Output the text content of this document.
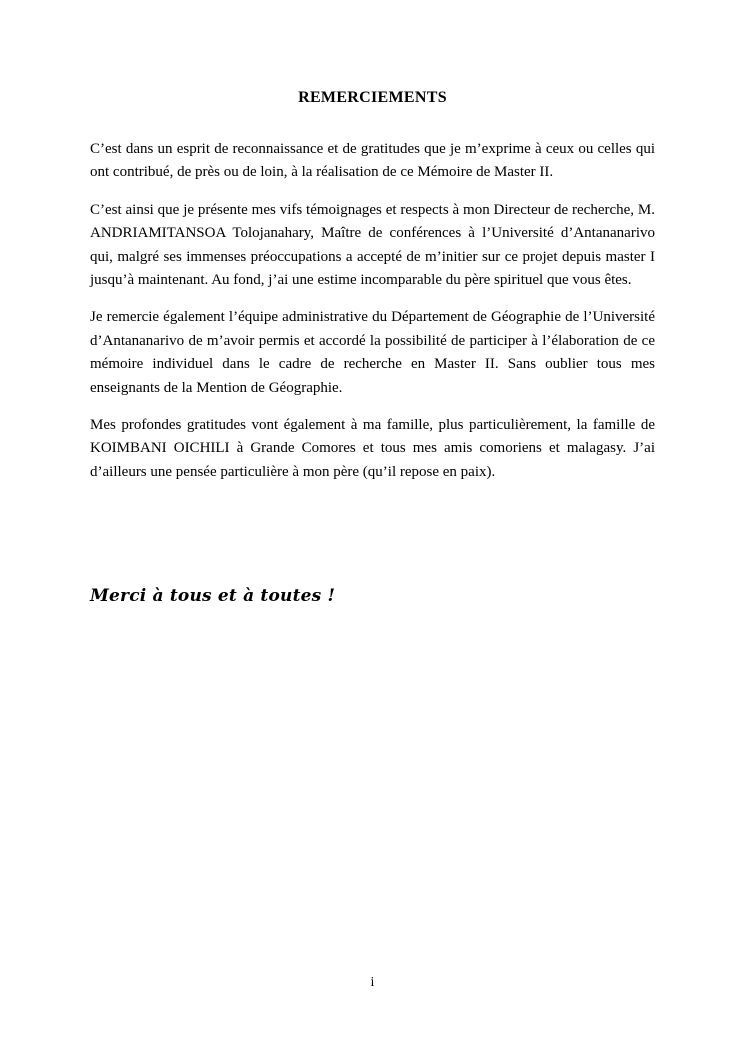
REMERCIEMENTS

C’est dans un esprit de reconnaissance et de gratitudes que je m’exprime à ceux ou celles qui ont contribué, de près ou de loin, à la réalisation de ce Mémoire de Master II.

C’est ainsi que je présente mes vifs témoignages et respects à mon Directeur de recherche, M. ANDRIAMITANSOA Tolojanahary, Maître de conférences à l’Université d’Antananarivo qui, malgré ses immenses préoccupations a accepté de m’initier sur ce projet depuis master I jusqu’à maintenant. Au fond, j’ai une estime incomparable du père spirituel que vous êtes.

Je remercie également l’équipe administrative du Département de Géographie de l’Université d’Antananarivo de m’avoir permis et accordé la possibilité de participer à l’élaboration de ce mémoire individuel dans le cadre de recherche en Master II. Sans oublier tous mes enseignants de la Mention de Géographie.

Mes profondes gratitudes vont également à ma famille, plus particulièrement, la famille de KOIMBANI OICHILI à Grande Comores et tous mes amis comoriens et malagasy. J’ai d’ailleurs une pensée particulière à mon père (qu’il repose en paix).

Merci à tous et à toutes !

i
